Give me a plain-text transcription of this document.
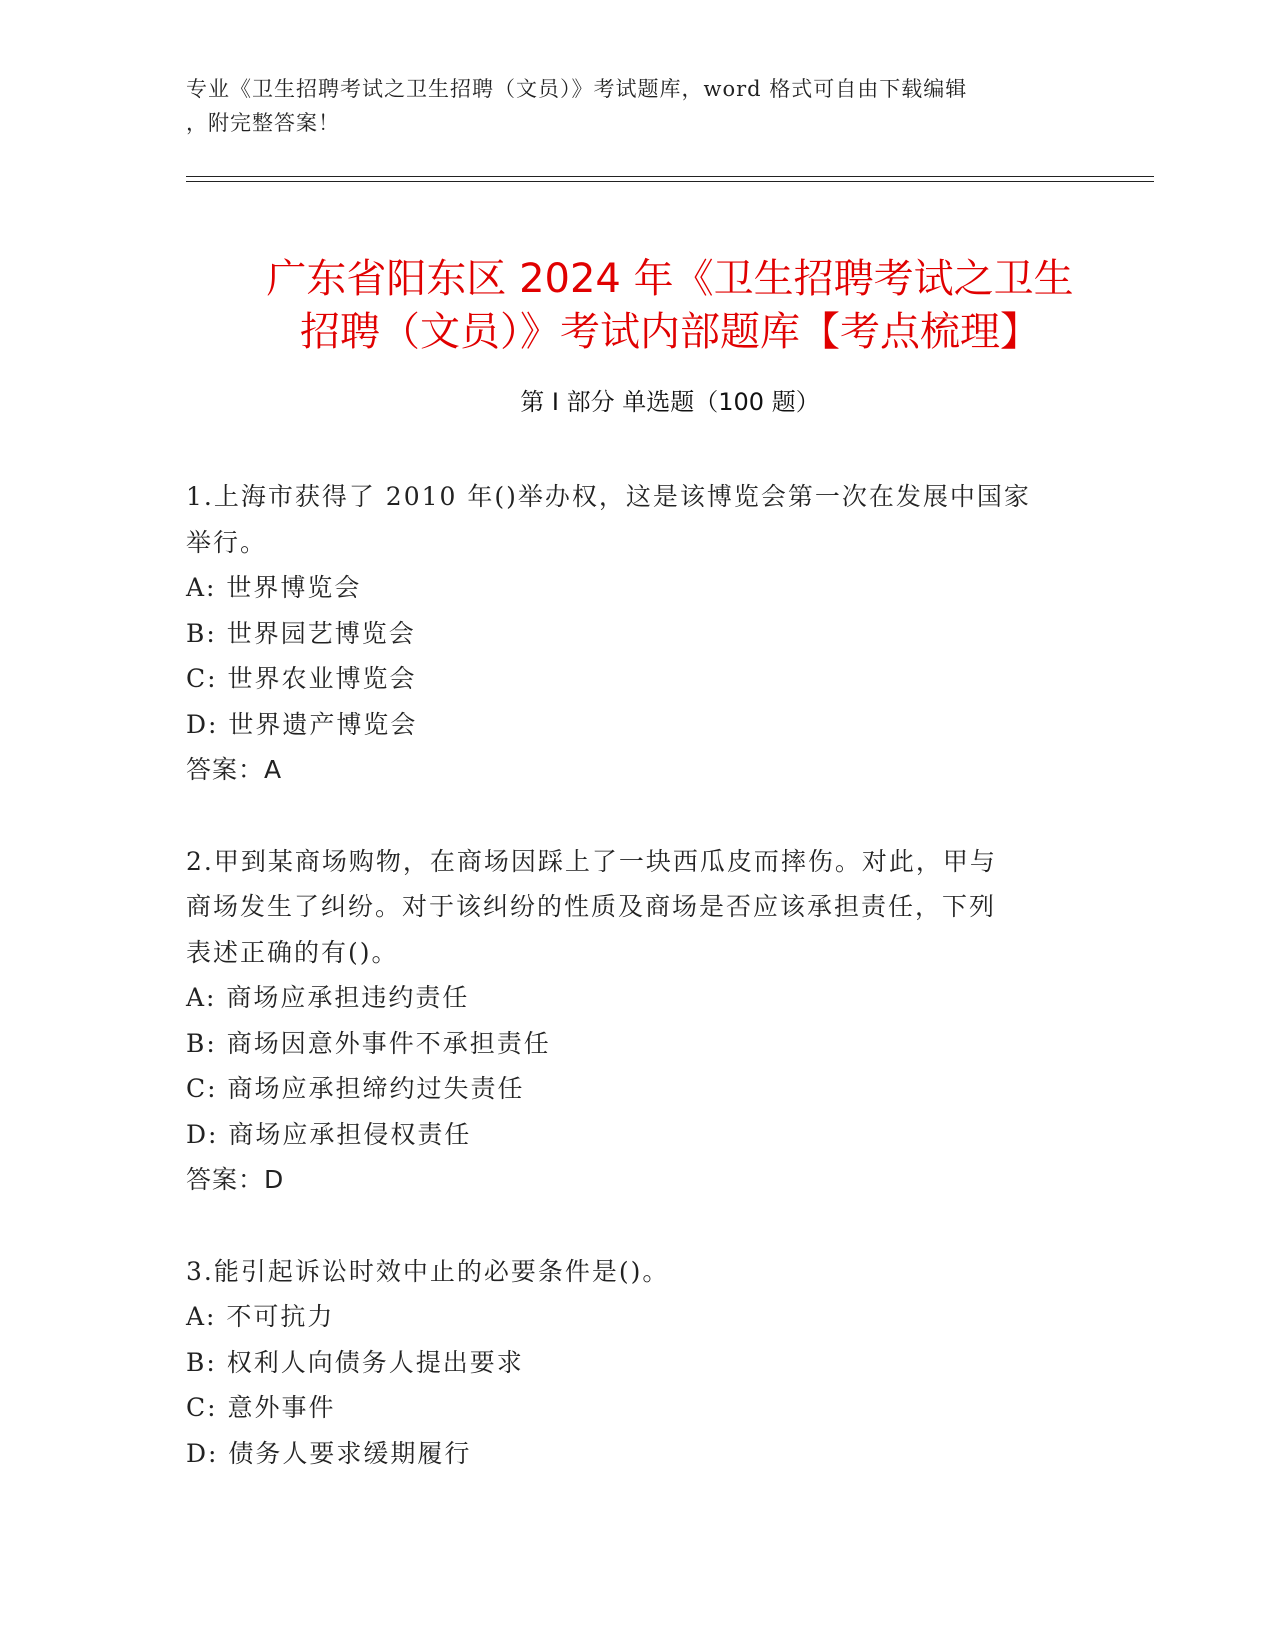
专业《卫生招聘考试之卫生招聘（文员）》考试题库，word 格式可自由下载编辑
，附完整答案！
广东省阳东区 2024 年《卫生招聘考试之卫生
招聘（文员）》考试内部题库【考点梳理】
第 I 部分 单选题（100 题）
1.上海市获得了 2010 年()举办权，这是该博览会第一次在发展中国家
举行。
A: 世界博览会
B: 世界园艺博览会
C: 世界农业博览会
D: 世界遗产博览会
答案：A
2.甲到某商场购物，在商场因踩上了一块西瓜皮而摔伤。对此，甲与
商场发生了纠纷。对于该纠纷的性质及商场是否应该承担责任，下列
表述正确的有()。
A: 商场应承担违约责任
B: 商场因意外事件不承担责任
C: 商场应承担缔约过失责任
D: 商场应承担侵权责任
答案：D
3.能引起诉讼时效中止的必要条件是()。
A: 不可抗力
B: 权利人向债务人提出要求
C: 意外事件
D: 债务人要求缓期履行
